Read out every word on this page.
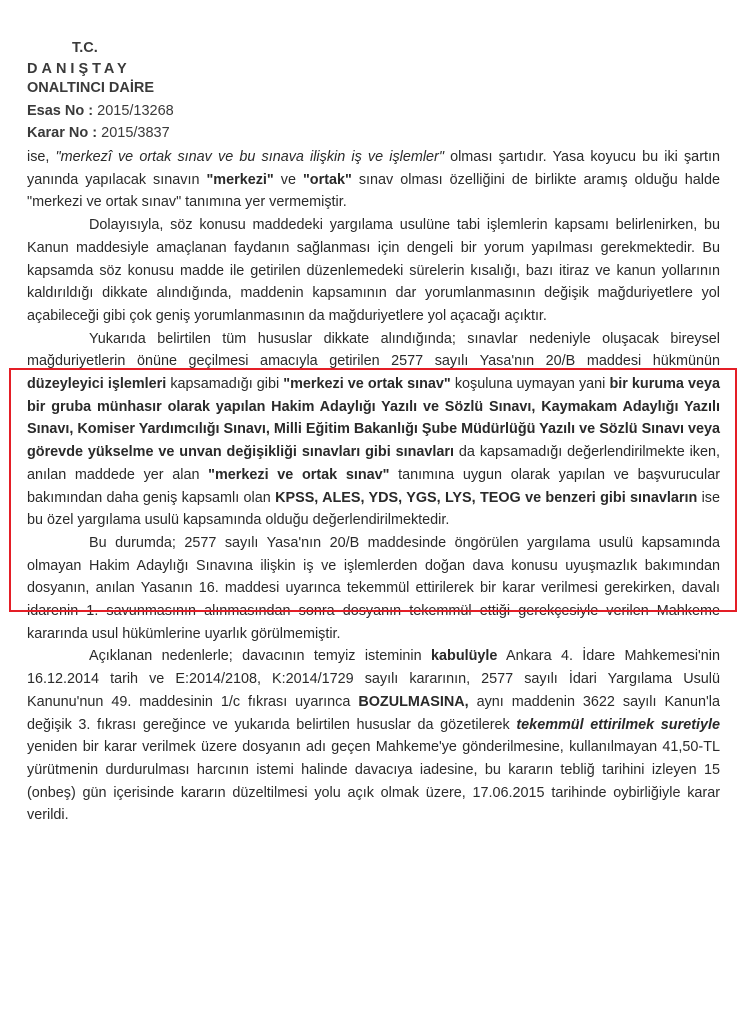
T.C.
DANIŞTAY
ONALTINCI DAİRE
Esas No : 2015/13268
Karar No : 2015/3837

ise, "merkezî ve ortak sınav ve bu sınava ilişkin iş ve işlemler" olması şartıdır. Yasa koyucu bu iki şartın yanında yapılacak sınavın "merkezi" ve "ortak" sınav olması özelliğini de birlikte aramış olduğu halde "merkezi ve ortak sınav" tanımına yer vermemiştir.

Dolayısıyla, söz konusu maddedeki yargılama usulüne tabi işlemlerin kapsamı belirlenirken, bu Kanun maddesiyle amaçlanan faydanın sağlanması için dengeli bir yorum yapılması gerekmektedir. Bu kapsamda söz konusu madde ile getirilen düzenlemedeki sürelerin kısalığı, bazı itiraz ve kanun yollarının kaldırıldığı dikkate alındığında, maddenin kapsamının dar yorumlanmasının değişik mağduriyetlere yol açabileceği gibi çok geniş yorumlanmasının da mağduriyetlere yol açacağı açıktır.

Yukarıda belirtilen tüm hususlar dikkate alındığında; sınavlar nedeniyle oluşacak bireysel mağduriyetlerin önüne geçilmesi amacıyla getirilen 2577 sayılı Yasa'nın 20/B maddesi hükmünün düzeyleyici işlemleri kapsamadığı gibi "merkezi ve ortak sınav" koşuluna uymayan yani bir kuruma veya bir gruba münhasır olarak yapılan Hakim Adaylığı Yazılı ve Sözlü Sınavı, Kaymakam Adaylığı Yazılı Sınavı, Komiser Yardımcılığı Sınavı, Milli Eğitim Bakanlığı Şube Müdürlüğü Yazılı ve Sözlü Sınavı veya görevde yükselme ve unvan değişikliği sınavları gibi sınavları da kapsamadığı değerlendirilmekte iken, anılan maddede yer alan "merkezi ve ortak sınav" tanımına uygun olarak yapılan ve başvurucular bakımından daha geniş kapsamlı olan KPSS, ALES, YDS, YGS, LYS, TEOG ve benzeri gibi sınavların ise bu özel yargılama usulü kapsamında olduğu değerlendirilmektedir.

Bu durumda; 2577 sayılı Yasa'nın 20/B maddesinde öngörülen yargılama usulü kapsamında olmayan Hakim Adaylığı Sınavına ilişkin iş ve işlemlerden doğan dava konusu uyuşmazlık bakımından dosyanın, anılan Yasanın 16. maddesi uyarınca tekemmül ettirilerek bir karar verilmesi gerekirken, davalı idarenin 1. savunmasının alınmasından sonra dosyanın tekemmül ettiği gerekçesiyle verilen Mahkeme kararında usul hükümlerine uyarlık görülmemiştir.

Açıklanan nedenlerle; davacının temyiz isteminin kabulüyle Ankara 4. İdare Mahkemesi'nin 16.12.2014 tarih ve E:2014/2108, K:2014/1729 sayılı kararının, 2577 sayılı İdari Yargılama Usulü Kanunu'nun 49. maddesinin 1/c fıkrası uyarınca BOZULMASINA, aynı maddenin 3622 sayılı Kanun'la değişik 3. fıkrası gereğince ve yukarıda belirtilen hususlar da gözetilerek tekemmül ettirilmek suretiyle yeniden bir karar verilmek üzere dosyanın adı geçen Mahkeme'ye gönderilmesine, kullanılmayan 41,50-TL yürütmenin durdurulması harcının istemi halinde davacıya iadesine, bu kararın tebliğ tarihini izleyen 15 (onbeş) gün içerisinde kararın düzeltilmesi yolu açık olmak üzere, 17.06.2015 tarihinde oybirliğiyle karar verildi.
